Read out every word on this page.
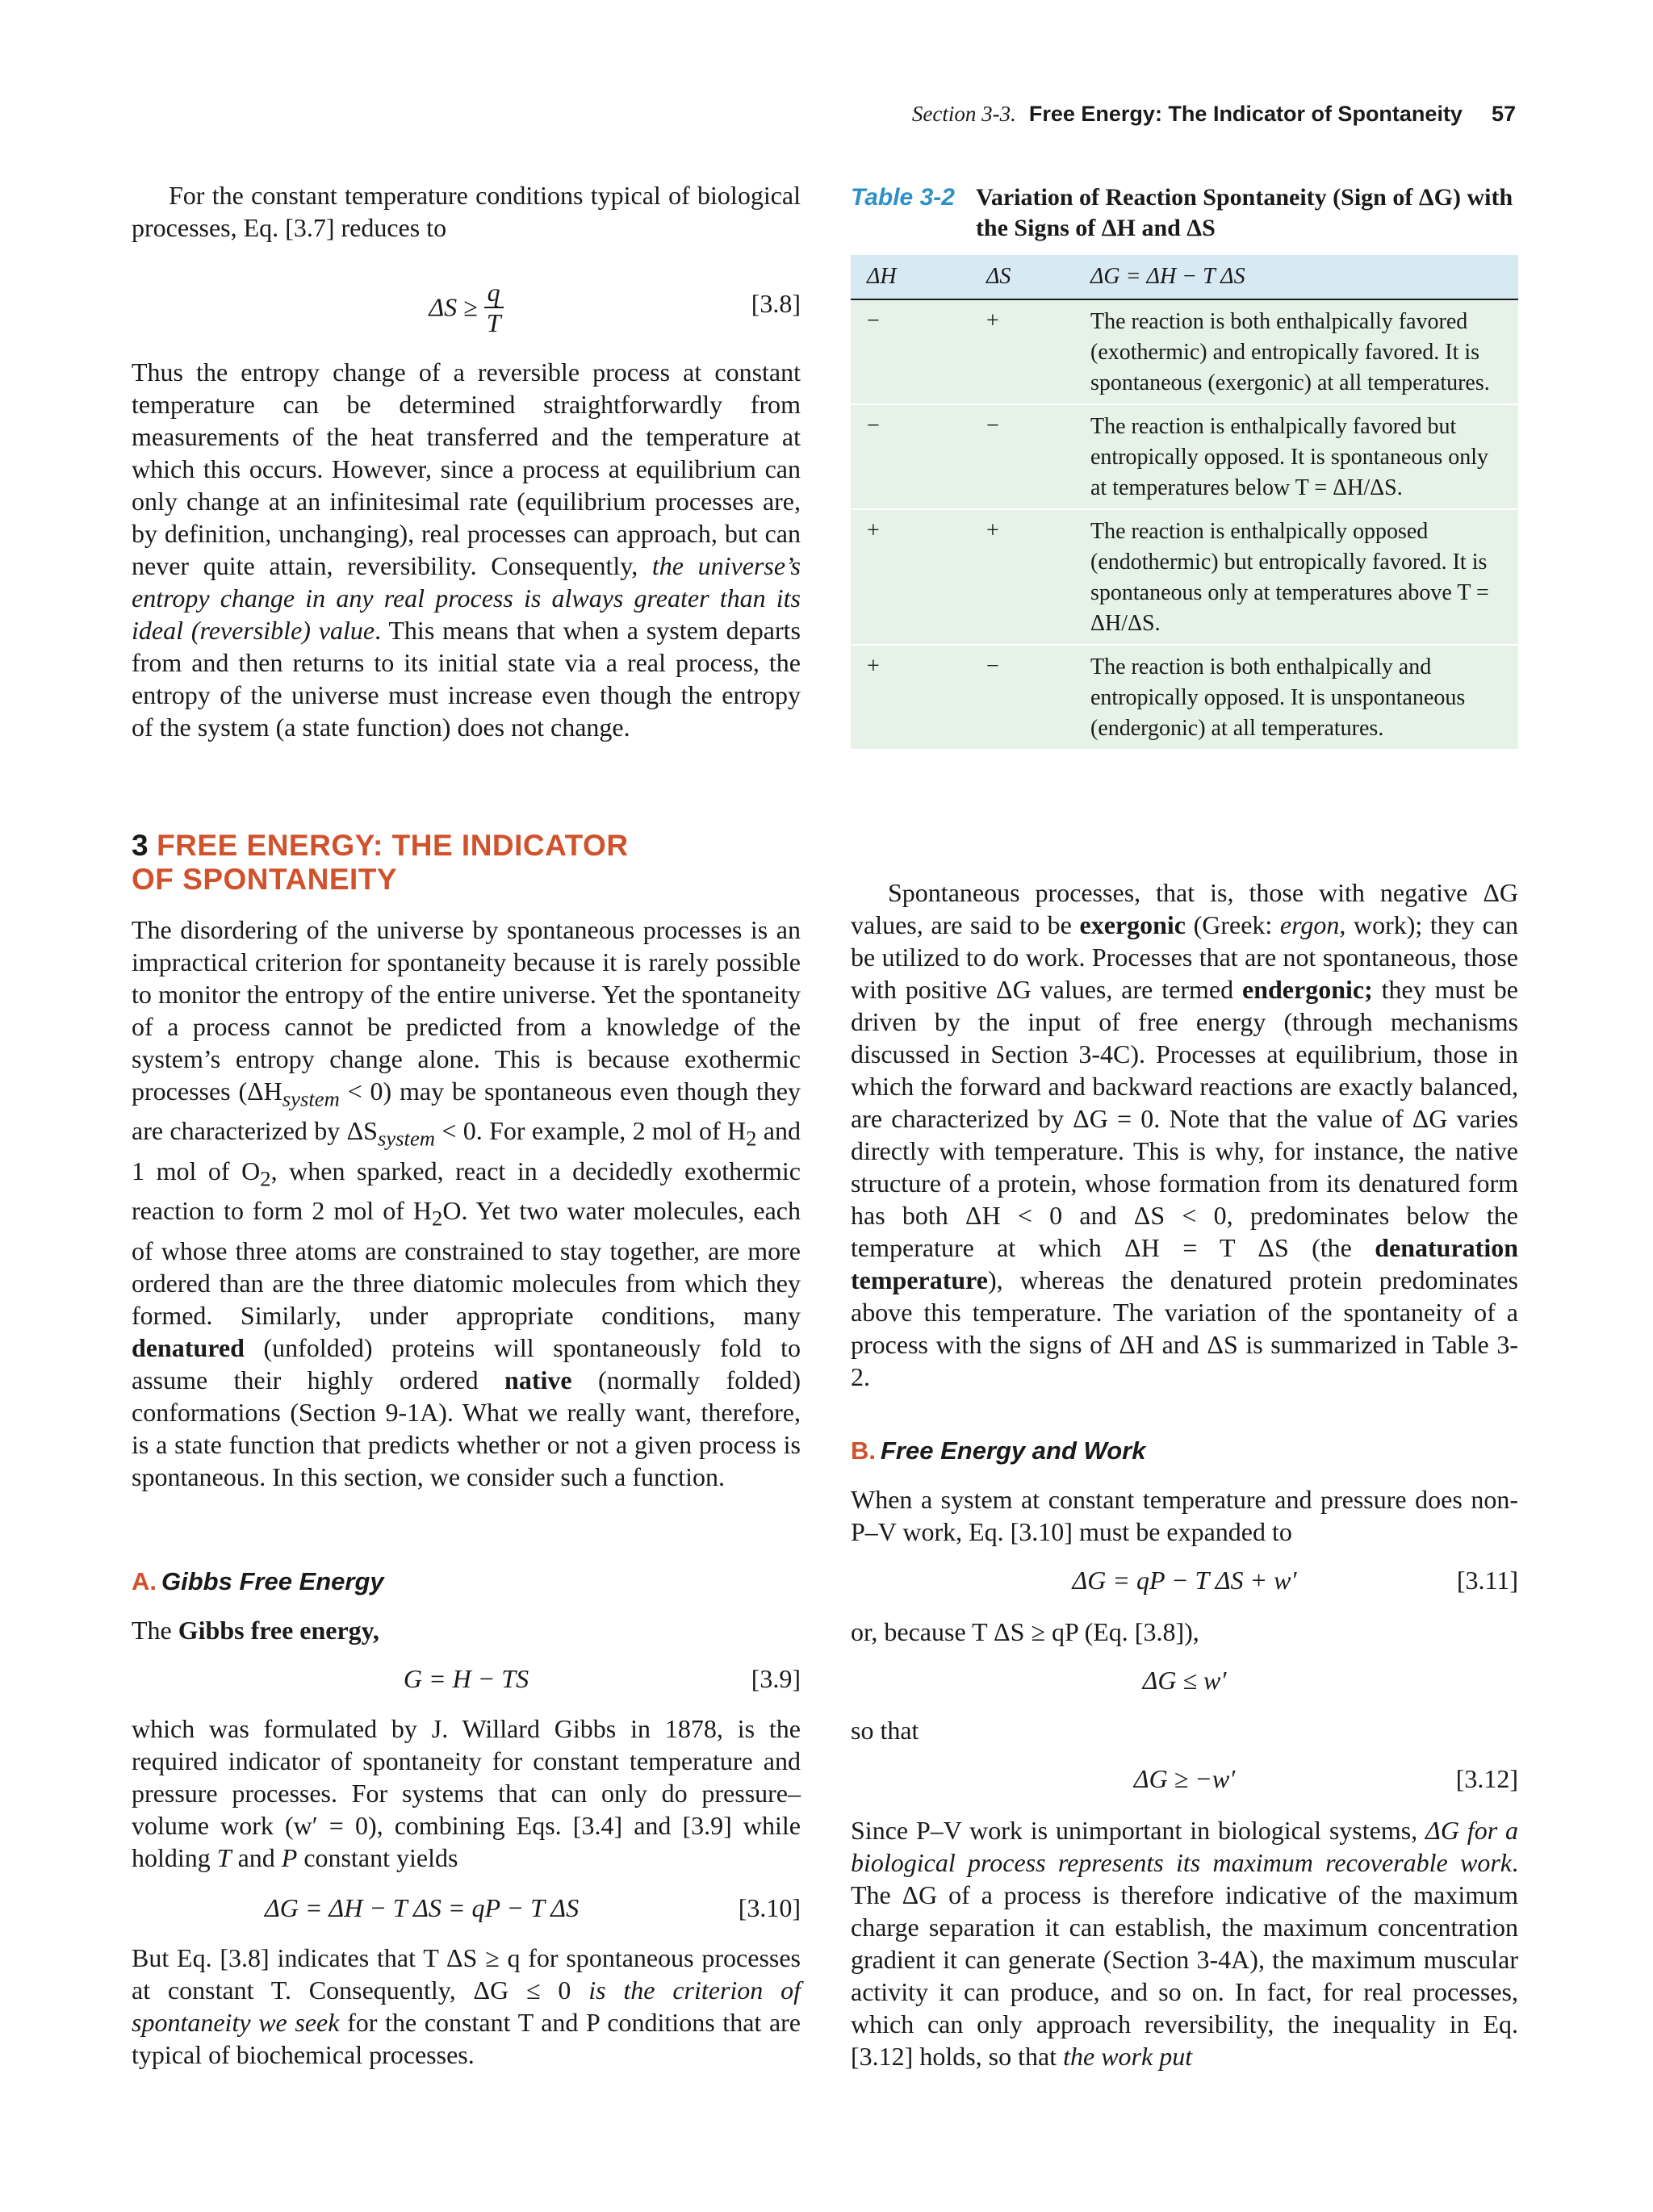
Section 3-3. Free Energy: The Indicator of Spontaneity 57

For the constant temperature conditions typical of biological processes, Eq. [3.7] reduces to

$\Delta S \ge \frac{q}{T}$	[3.8]

Thus the entropy change of a reversible process at constant temperature can be determined straightforwardly from measurements of the heat transferred and the temperature at which this occurs. However, since a process at equilibrium can only change at an infinitesimal rate (equilibrium processes are, by definition, unchanging), real processes can approach, but can never quite attain, reversibility. Consequently, the universe’s entropy change in any real process is always greater than its ideal (reversible) value. This means that when a system departs from and then returns to its initial state via a real process, the entropy of the universe must increase even though the entropy of the system (a state function) does not change.

3 FREE ENERGY: THE INDICATOR
OF SPONTANEITY

The disordering of the universe by spontaneous processes is an impractical criterion for spontaneity because it is rarely possible to monitor the entropy of the entire universe. Yet the spontaneity of a process cannot be predicted from a knowledge of the system’s entropy change alone. This is because exothermic processes $(\Delta H_{system} < 0)$ may be spontaneous even though they are characterized by $\Delta S_{system} < 0$. For example, 2 mol of $H_2$ and 1 mol of $O_2$, when sparked, react in a decidedly exothermic reaction to form 2 mol of $H_2O$. Yet two water molecules, each of whose three atoms are constrained to stay together, are more ordered than are the three diatomic molecules from which they formed. Similarly, under appropriate conditions, many denatured (unfolded) proteins will spontaneously fold to assume their highly ordered native (normally folded) conformations (Section 9-1A). What we really want, therefore, is a state function that predicts whether or not a given process is spontaneous. In this section, we consider such a function.

A. Gibbs Free Energy

The Gibbs free energy,

G = H − TS	[3.9]

which was formulated by J. Willard Gibbs in 1878, is the required indicator of spontaneity for constant temperature and pressure processes. For systems that can only do pressure–volume work (w′ = 0), combining Eqs. [3.4] and [3.9] while holding T and P constant yields

ΔG = ΔH − T ΔS = qP − T ΔS	[3.10]

But Eq. [3.8] indicates that T ΔS ≥ q for spontaneous processes at constant T. Consequently, ΔG ≤ 0 is the criterion of spontaneity we seek for the constant T and P conditions that are typical of biochemical processes.

Table 3-2 Variation of Reaction Spontaneity (Sign of ΔG) with the Signs of ΔH and ΔS
ΔH	ΔS	ΔG = ΔH − T ΔS
−	+	The reaction is both enthalpically favored (exothermic) and entropically favored. It is spontaneous (exergonic) at all temperatures.
−	−	The reaction is enthalpically favored but entropically opposed. It is spontaneous only at temperatures below T = ΔH/ΔS.
+	+	The reaction is enthalpically opposed (endothermic) but entropically favored. It is spontaneous only at temperatures above T = ΔH/ΔS.
+	−	The reaction is both enthalpically and entropically opposed. It is unspontaneous (endergonic) at all temperatures.

Spontaneous processes, that is, those with negative ΔG values, are said to be exergonic (Greek: ergon, work); they can be utilized to do work. Processes that are not spontaneous, those with positive ΔG values, are termed endergonic; they must be driven by the input of free energy (through mechanisms discussed in Section 3-4C). Processes at equilibrium, those in which the forward and backward reactions are exactly balanced, are characterized by ΔG = 0. Note that the value of ΔG varies directly with temperature. This is why, for instance, the native structure of a protein, whose formation from its denatured form has both ΔH < 0 and ΔS < 0, predominates below the temperature at which ΔH = T ΔS (the denaturation temperature), whereas the denatured protein predominates above this temperature. The variation of the spontaneity of a process with the signs of ΔH and ΔS is summarized in Table 3-2.

B. Free Energy and Work

When a system at constant temperature and pressure does non-P–V work, Eq. [3.10] must be expanded to

ΔG = qP − T ΔS + w′	[3.11]

or, because T ΔS ≥ qP (Eq. [3.8]),

ΔG ≤ w′

so that

ΔG ≥ −w′	[3.12]

Since P–V work is unimportant in biological systems, ΔG for a biological process represents its maximum recoverable work. The ΔG of a process is therefore indicative of the maximum charge separation it can establish, the maximum concentration gradient it can generate (Section 3-4A), the maximum muscular activity it can produce, and so on. In fact, for real processes, which can only approach reversibility, the inequality in Eq. [3.12] holds, so that the work put
